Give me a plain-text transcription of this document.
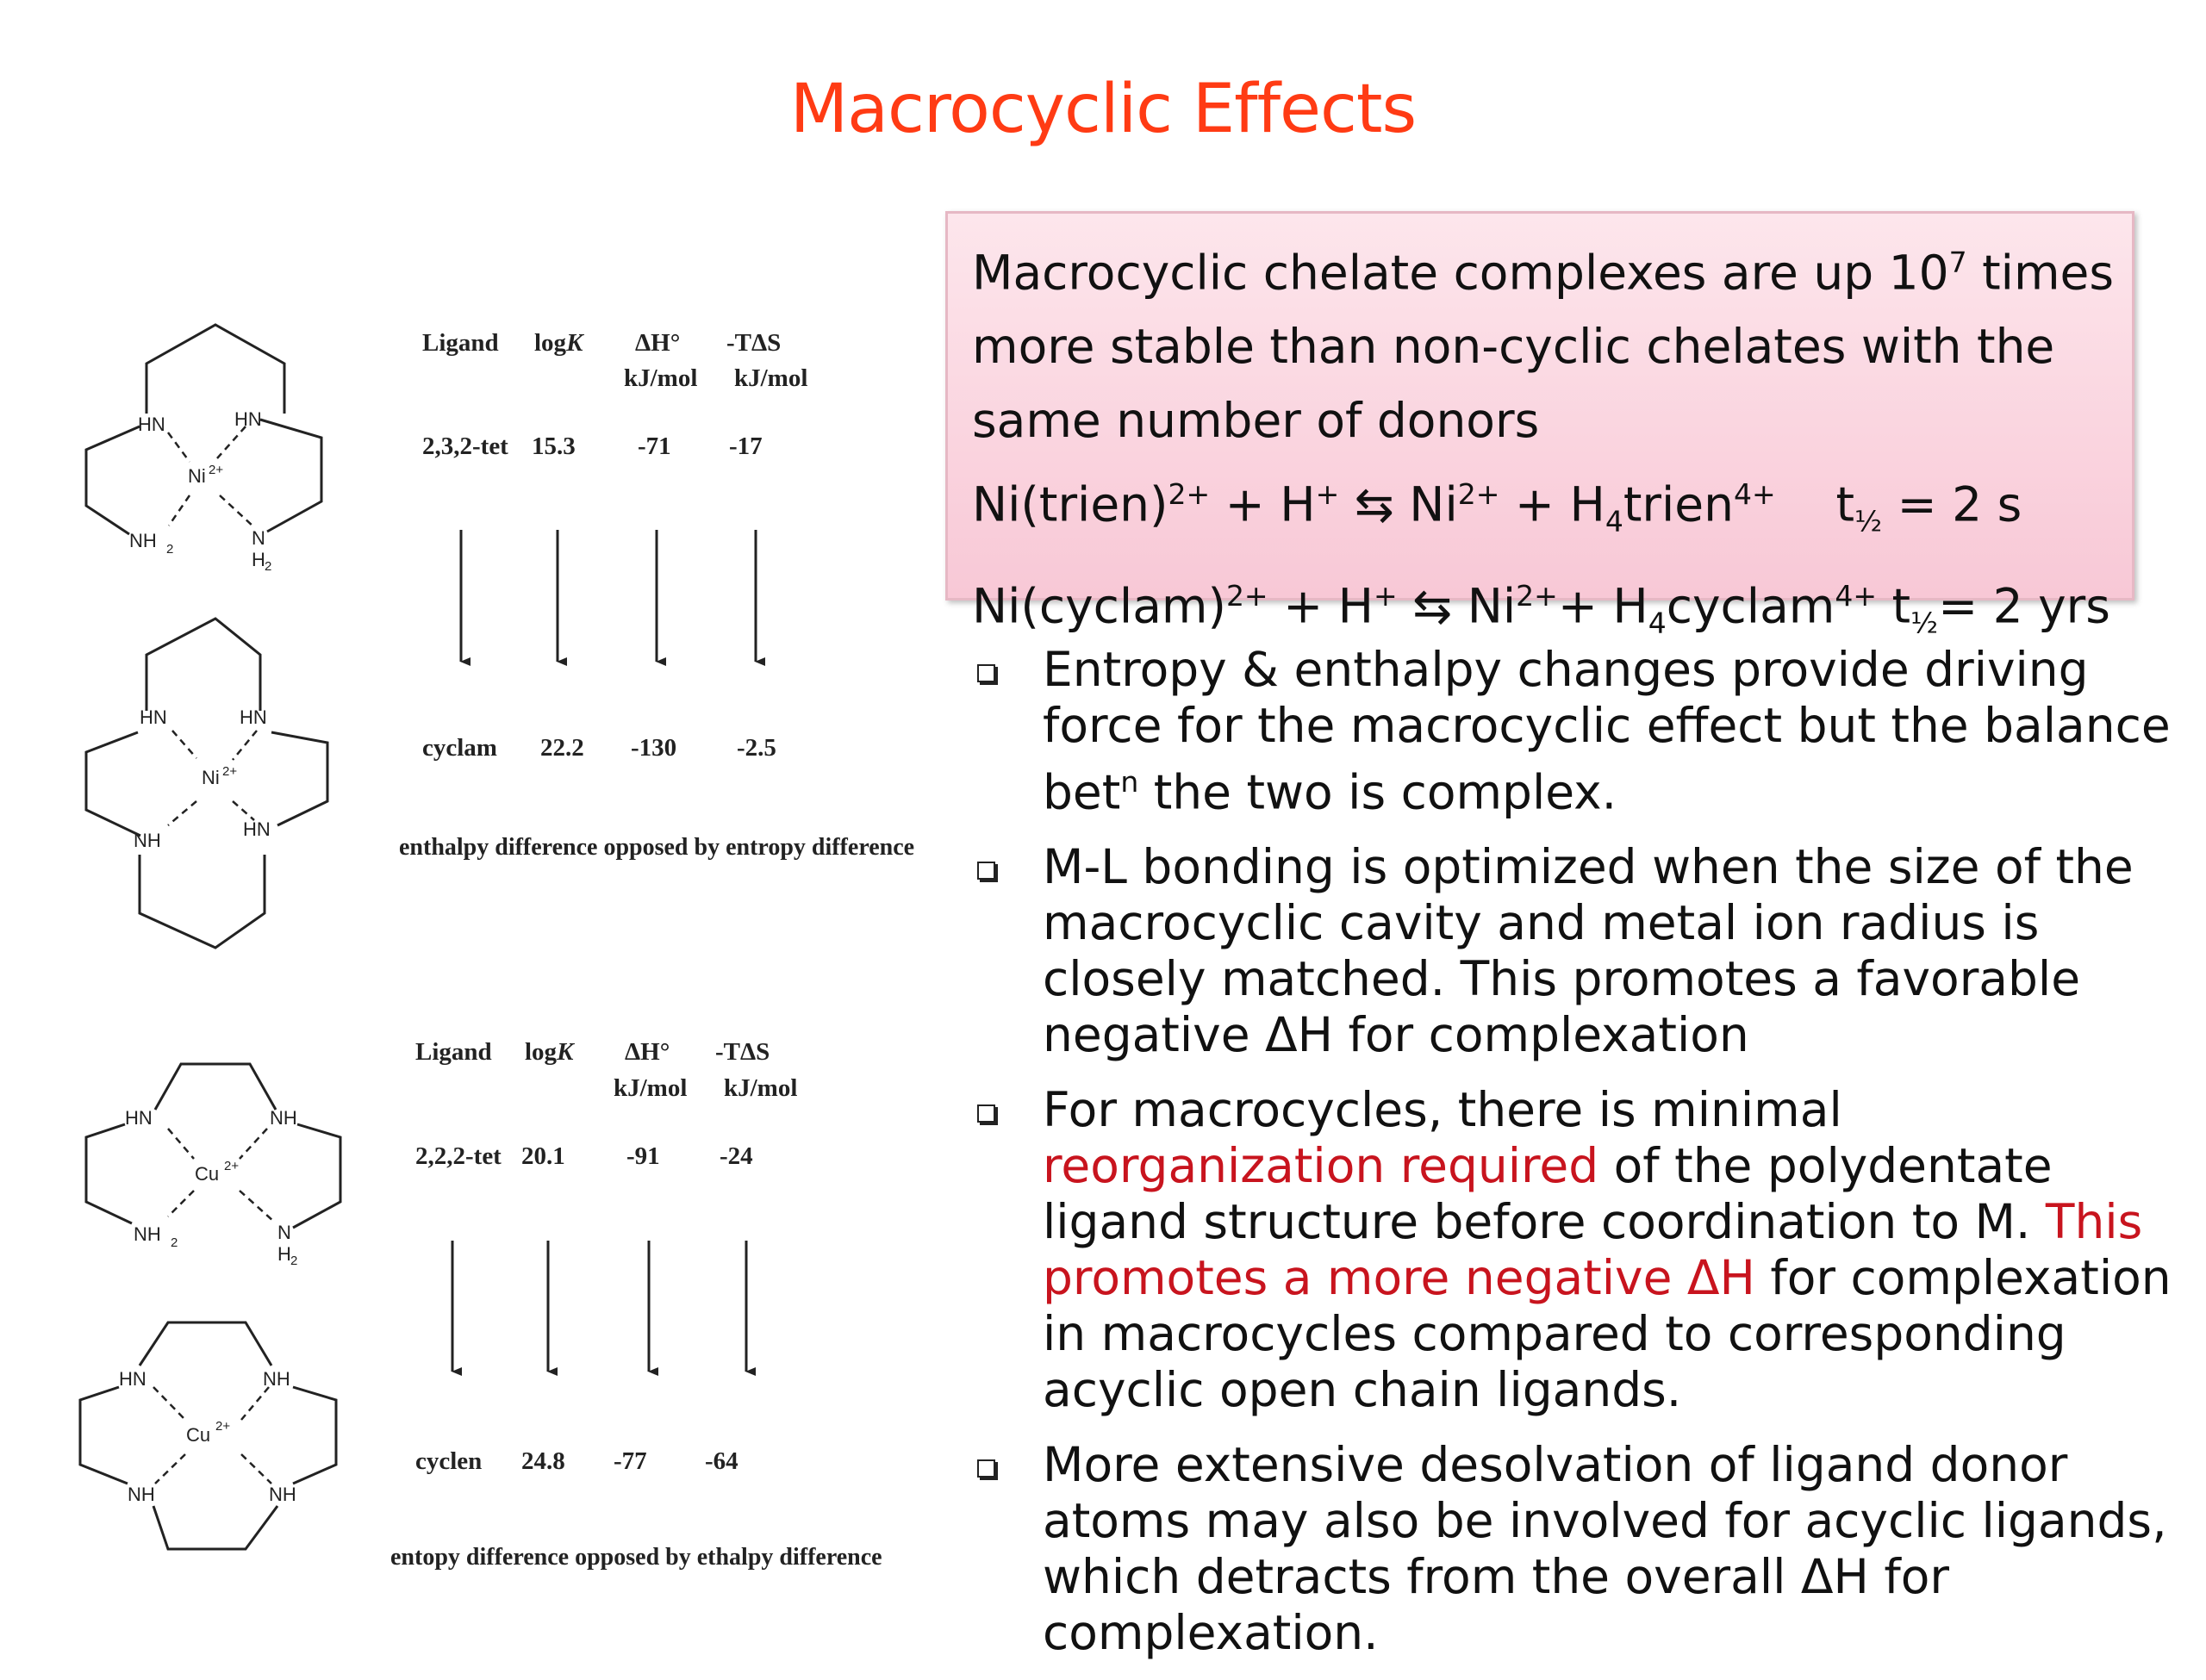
Macrocyclic Effects
Macrocyclic chelate complexes are up $10^7$ times
more stable than non-cyclic chelates with the
same number of donors
Ni(trien)$^{2+}$ + H+ ⇆ $Ni^{2+}$ + $H_4trien^{4+}$    $t_{\frac{1}{2}} = 2$ s
Ni(cyclam)$^{2+}$ + H+ ⇆ $Ni^{2+}+$ $H_4cyclam^{4+}$ $t_{\frac{1}{2}}= 2$ yrs
Entropy & enthalpy changes provide driving force for the macrocyclic effect but the balance bet$^n$ the two is complex.
M-L bonding is optimized when the size of the macrocyclic cavity and metal ion radius is closely matched. This promotes a favorable negative ΔH for complexation
For macrocycles, there is minimal reorganization required of the polydentate ligand structure before coordination to M. This promotes a more negative ΔH for complexation in macrocycles compared to corresponding acyclic open chain ligands.
More extensive desolvation of ligand donor atoms may also be involved for acyclic ligands, which detracts from the overall ΔH for complexation.
Ligand logK ΔH° -TΔS
kJ/mol kJ/mol
2,3,2-tet 15.3 -71 -17
cyclam 22.2 -130 -2.5
enthalpy difference opposed by entropy difference
Ligand logK ΔH° -TΔS
kJ/mol kJ/mol
2,2,2-tet 20.1 -91 -24
cyclen 24.8 -77 -64
entopy difference opposed by ethalpy difference
HN	HN
NH 2
N
H 2
Ni 2+
HN	HN
NH
HN
Ni 2+
HN	NH
NH 2	N
H 2
Cu 2+
HN	NH
NH	NH
Cu 2+
